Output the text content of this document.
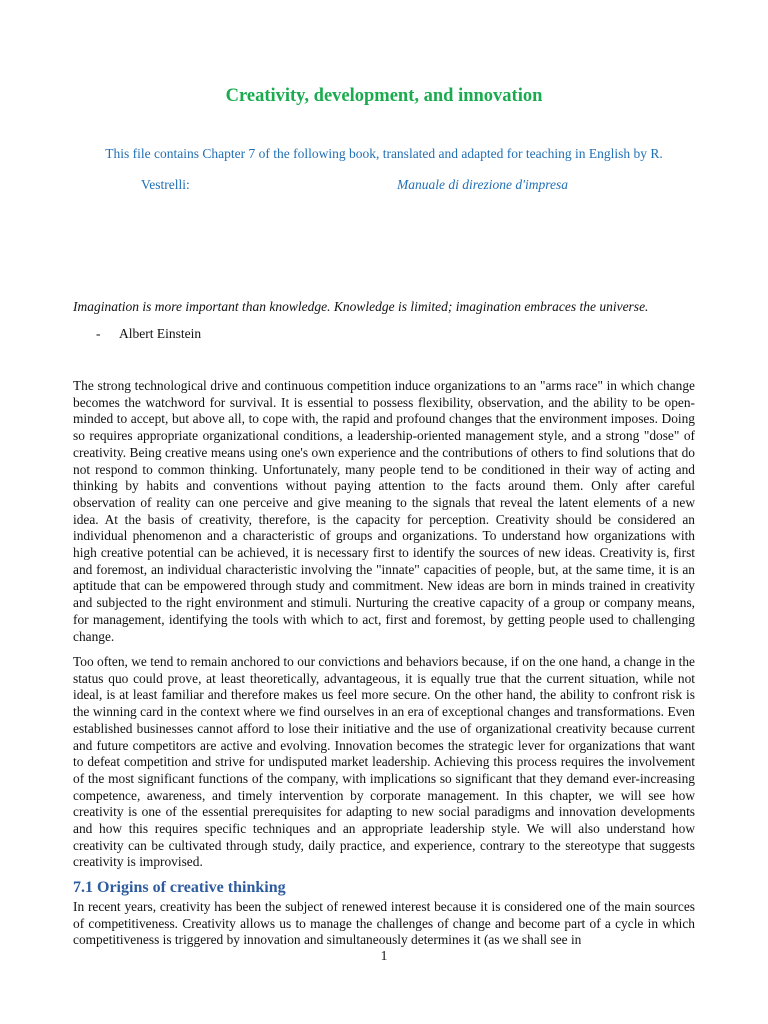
Creativity, development, and innovation

This file contains Chapter 7 of the following book, translated and adapted for teaching in English by R.

Vestrelli:	Manuale di direzione d'impresa

Imagination is more important than knowledge. Knowledge is limited; imagination embraces the universe.

- Albert Einstein

The strong technological drive and continuous competition induce organizations to an "arms race" in which change becomes the watchword for survival. It is essential to possess flexibility, observation, and the ability to be open-minded to accept, but above all, to cope with, the rapid and profound changes that the environment imposes. Doing so requires appropriate organizational conditions, a leadership-oriented management style, and a strong "dose" of creativity. Being creative means using one's own experience and the contributions of others to find solutions that do not respond to common thinking. Unfortunately, many people tend to be conditioned in their way of acting and thinking by habits and conventions without paying attention to the facts around them. Only after careful observation of reality can one perceive and give meaning to the signals that reveal the latent elements of a new idea. At the basis of creativity, therefore, is the capacity for perception. Creativity should be considered an individual phenomenon and a characteristic of groups and organizations. To understand how organizations with high creative potential can be achieved, it is necessary first to identify the sources of new ideas. Creativity is, first and foremost, an individual characteristic involving the "innate" capacities of people, but, at the same time, it is an aptitude that can be empowered through study and commitment. New ideas are born in minds trained in creativity and subjected to the right environment and stimuli. Nurturing the creative capacity of a group or company means, for management, identifying the tools with which to act, first and foremost, by getting people used to challenging change.

Too often, we tend to remain anchored to our convictions and behaviors because, if on the one hand, a change in the status quo could prove, at least theoretically, advantageous, it is equally true that the current situation, while not ideal, is at least familiar and therefore makes us feel more secure. On the other hand, the ability to confront risk is the winning card in the context where we find ourselves in an era of exceptional changes and transformations. Even established businesses cannot afford to lose their initiative and the use of organizational creativity because current and future competitors are active and evolving. Innovation becomes the strategic lever for organizations that want to defeat competition and strive for undisputed market leadership. Achieving this process requires the involvement of the most significant functions of the company, with implications so significant that they demand ever-increasing competence, awareness, and timely intervention by corporate management. In this chapter, we will see how creativity is one of the essential prerequisites for adapting to new social paradigms and innovation developments and how this requires specific techniques and an appropriate leadership style. We will also understand how creativity can be cultivated through study, daily practice, and experience, contrary to the stereotype that suggests creativity is improvised.

7.1 Origins of creative thinking

In recent years, creativity has been the subject of renewed interest because it is considered one of the main sources of competitiveness. Creativity allows us to manage the challenges of change and become part of a cycle in which competitiveness is triggered by innovation and simultaneously determines it (as we shall see in

1
